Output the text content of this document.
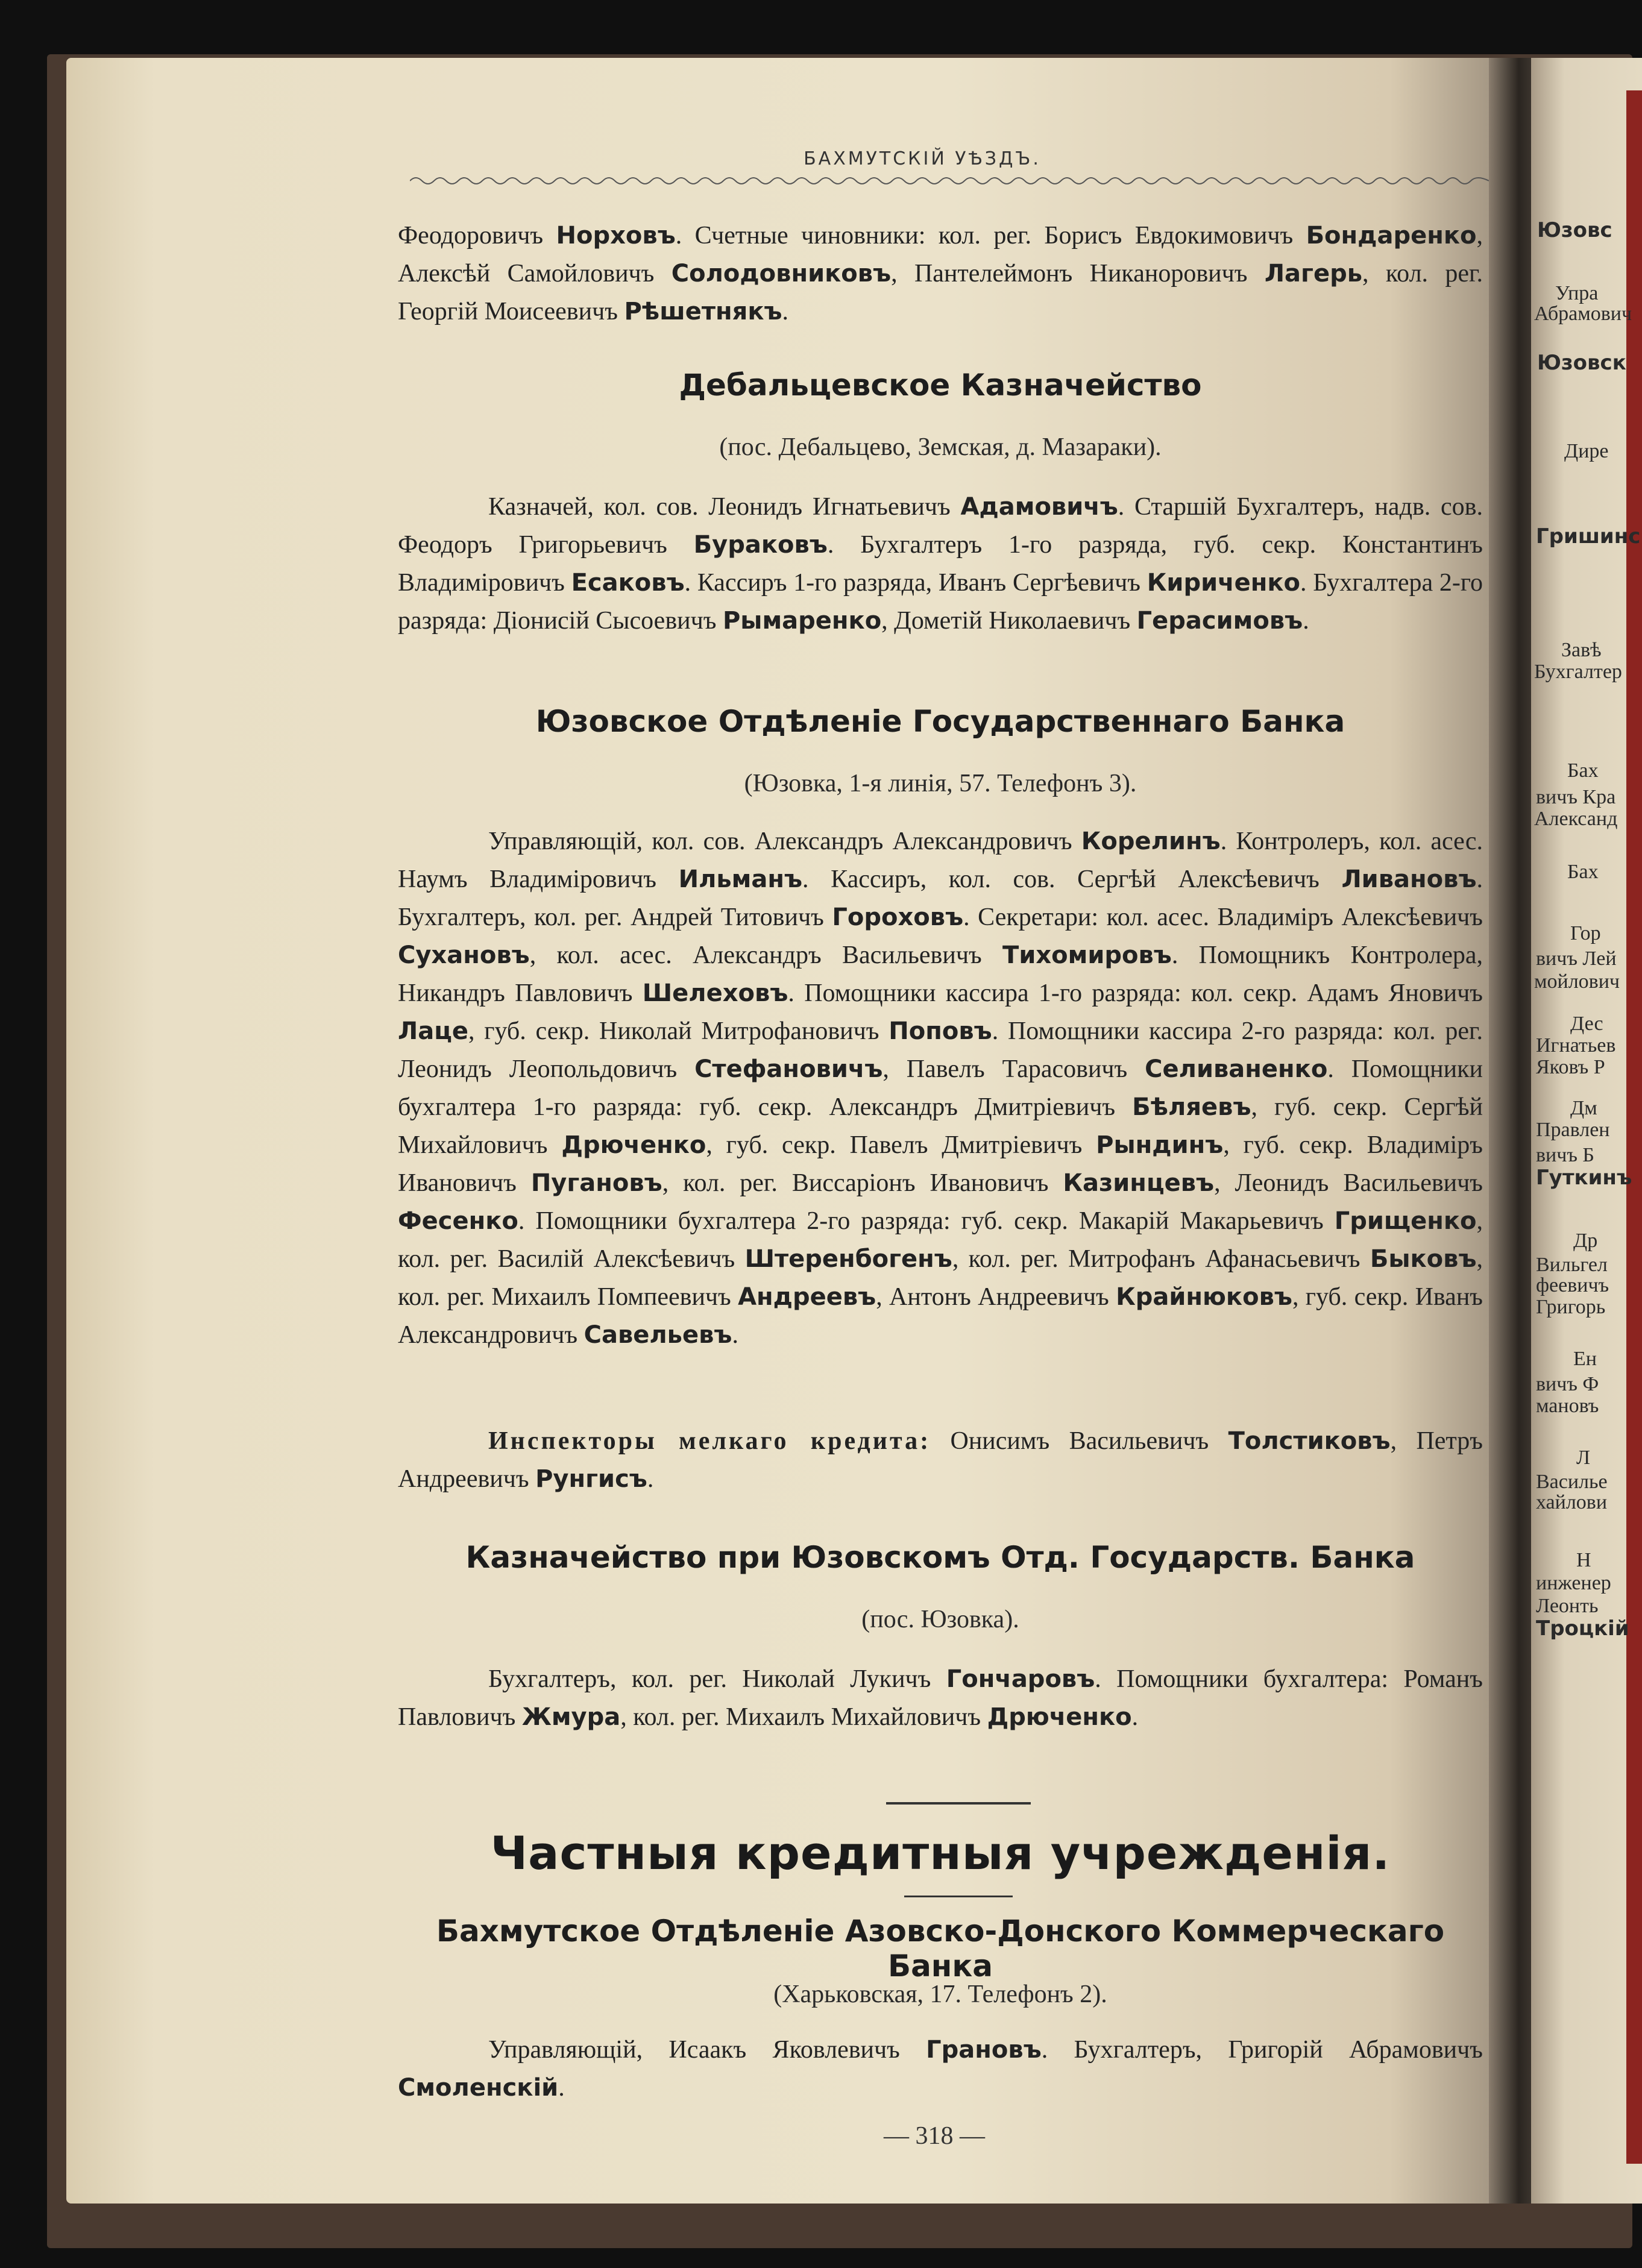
БАХМУТСКІЙ УѢЗДЪ.
Феодоровичъ Норховъ. Счетные чиновники: кол. рег. Борисъ Евдокимовичъ Бондаренко, Алексѣй Самойловичъ Солодовниковъ, Пантелеймонъ Никаноровичъ Лагерь, кол. рег. Георгій Моисеевичъ Рѣшетнякъ.
Дебальцевское Казначейство
(пос. Дебальцево, Земская, д. Мазараки).
Казначей, кол. сов. Леонидъ Игнатьевичъ Адамовичъ. Старшій Бухгалтеръ, надв. сов. Феодоръ Григорьевичъ Бураковъ. Бухгалтеръ 1-го разряда, губ. секр. Константинъ Владиміровичъ Есаковъ. Кассиръ 1-го разряда, Иванъ Сергѣевичъ Кириченко. Бухгалтера 2-го разряда: Діонисій Сысоевичъ Рымаренко, Дометій Николаевичъ Герасимовъ.
Юзовское Отдѣленіе Государственнаго Банка
(Юзовка, 1-я линія, 57. Телефонъ 3).
Управляющій, кол. сов. Александръ Александровичъ Корелинъ. Контролеръ, кол. асес. Наумъ Владиміровичъ Ильманъ. Кассиръ, кол. сов. Сергѣй Алексѣевичъ Ливановъ. Бухгалтеръ, кол. рег. Андрей Титовичъ Гороховъ. Секретари: кол. асес. Владиміръ Алексѣевичъ Сухановъ, кол. асес. Александръ Васильевичъ Тихомировъ. Помощникъ Контролера, Никандръ Павловичъ Шелеховъ. Помощники кассира 1-го разряда: кол. секр. Адамъ Яновичъ Лаце, губ. секр. Николай Митрофановичъ Поповъ. Помощники кассира 2-го разряда: кол. рег. Леонидъ Леопольдовичъ Стефановичъ, Павелъ Тарасовичъ Селиваненко. Помощники бухгалтера 1-го разряда: губ. секр. Александръ Дмитріевичъ Бѣляевъ, губ. секр. Сергѣй Михайловичъ Дрюченко, губ. секр. Павелъ Дмитріевичъ Рындинъ, губ. секр. Владиміръ Ивановичъ Пугановъ, кол. рег. Виссаріонъ Ивановичъ Казинцевъ, Леонидъ Васильевичъ Фесенко. Помощники бухгалтера 2-го разряда: губ. секр. Макарій Макарьевичъ Грищенко, кол. рег. Василій Алексѣевичъ Штеренбогенъ, кол. рег. Митрофанъ Афанасьевичъ Быковъ, кол. рег. Михаилъ Помпеевичъ Андреевъ, Антонъ Андреевичъ Крайнюковъ, губ. секр. Иванъ Александровичъ Савельевъ.
Инспекторы мелкаго кредита: Онисимъ Васильевичъ Толстиковъ, Петръ Андреевичъ Рунгисъ.
Казначейство при Юзовскомъ Отд. Государств. Банка
(пос. Юзовка).
Бухгалтеръ, кол. рег. Николай Лукичъ Гончаровъ. Помощники бухгалтера: Романъ Павловичъ Жмура, кол. рег. Михаилъ Михайловичъ Дрюченко.
Частныя кредитныя учрежденія.
Бахмутское Отдѣленіе Азовско-Донского Коммерческаго Банка
(Харьковская, 17. Телефонъ 2).
Управляющій, Исаакъ Яковлевичъ Грановъ. Бухгалтеръ, Григорій Абрамовичъ Смоленскій.
— 318 —
Юзовс
Упра
Абрамович
Юзовск
Дире
Гришинс
Завѣ
Бухгалтер
Бах
вичъ Кра
Александ
Бах
Гор
вичъ Лей
мойлович
Дес
Игнатьев
Яковъ Р
Дм
Правлен
вичъ Б
Гуткинъ
Др
Вильгел
феевичъ
Григорь
Ен
вичъ Ф
мановъ
Л
Василье
хайлови
Н
инженер
Леонть
Троцкій
